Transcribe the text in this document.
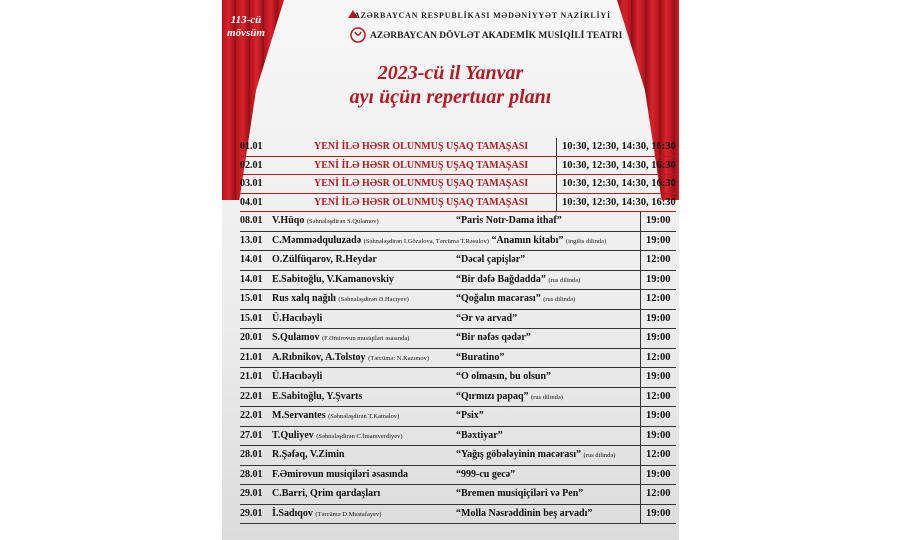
113-cü mövsüm
AZƏRBAYCAN RESPUBLİKASI MƏDƏNİYYƏT NAZİRLİYİ
AZƏRBAYCAN DÖVLƏT AKADEMİK MUSİQİLİ TEATRI
2023-cü il Yanvar
ayı üçün repertuar planı
01.01	YENİ İLƏ HƏSR OLUNMUŞ UŞAQ TAMAŞASI	10:30, 12:30, 14:30, 16:30
02.01	YENİ İLƏ HƏSR OLUNMUŞ UŞAQ TAMAŞASI	10:30, 12:30, 14:30, 16:30
03.01	YENİ İLƏ HƏSR OLUNMUŞ UŞAQ TAMAŞASI	10:30, 12:30, 14:30, 16:30
04.01	YENİ İLƏ HƏSR OLUNMUŞ UŞAQ TAMAŞASI	10:30, 12:30, 14:30, 16:30
08.01 V.Hüqo (Səhnələşdirən S.Qulamov)	“Paris Notr-Dama ithaf”	19:00
13.01 C.Məmmədquluzadə (Səhnələşdirən İ.Gözəlova, Tərcümə T.Rəsulov) “Anamın kitabı” (ingilis dilində)	19:00
14.01 O.Zülfüqarov, R.Heydər	“Dəcəl çapişlər”	12:00
14.01 E.Sabitoğlu, V.Kamanovskiy	“Bir dəfə Bağdadda” (rus dilində)	19:00
15.01 Rus xalq nağılı (Səhnələşdirən Ə.Hacıyev)	“Qoğalın macərası” (rus dilində)	12:00
15.01 Ü.Hacıbəyli	“Ər və arvad”	19:00
20.01 S.Qulamov (F.Əmirovun musiqiləri əsasında)	“Bir nəfəs qədər”	19:00
21.01 A.Rıbnikov, A.Tolstoy (Tərcümə: N.Kazımov)	“Buratino”	12:00
21.01 Ü.Hacıbəyli	“O olmasın, bu olsun”	19:00
22.01 E.Sabitoğlu, Y.Şvarts	“Qırmızı papaq” (rus dilində)	12:00
22.01 M.Servantes (Səhnələşdirən T.Kamalov)	“Psix”	19:00
27.01 T.Quliyev (Səhnələşdirən C.İmamverdiyev)	“Bəxtiyar”	19:00
28.01 R.Şəfəq, V.Zimin	“Yağış göbələyinin macərası” (rus dilində)	12:00
28.01 F.Əmirovun musiqiləri əsasında	“999-cu gecə”	19:00
29.01 C.Barri, Qrim qardaşları	“Bremen musiqiçiləri və Pen”	12:00
29.01 İ.Sadıqov (Tərcümə D.Mustafayev)	“Molla Nəsrəddinin beş arvadı”	19:00
